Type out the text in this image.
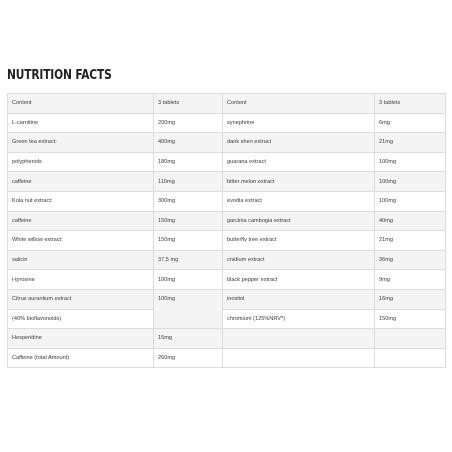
NUTRITION FACTS
Content	3 tablets	Content	3 tablets
L-carnitine	200mg	synephrine	6mg
Green tea extract:	400mg	dank shen extract	21mg
polyphenols	180mg	guarana extract	100mg
caffeine	110mg	bitter melon extract	100mg
Kola nut extract:	300mg	evodia extract	100mg
caffeine	150mg	garcinia cambogia extract	40mg
White willow extract:	150mg	butterfly tree extract	21mg
salicin	37,5 mg	cnidium extract	36mg
l-tyrosine	100mg	black pepper extract	9mg
Citrus aurantium extract	100mg	inositol	16mg
(40% bioflavonoids)		chromium (125%NRV*)	150mg
Hesperidine	15mg		
Caffeine (total Amount)	260mg		
